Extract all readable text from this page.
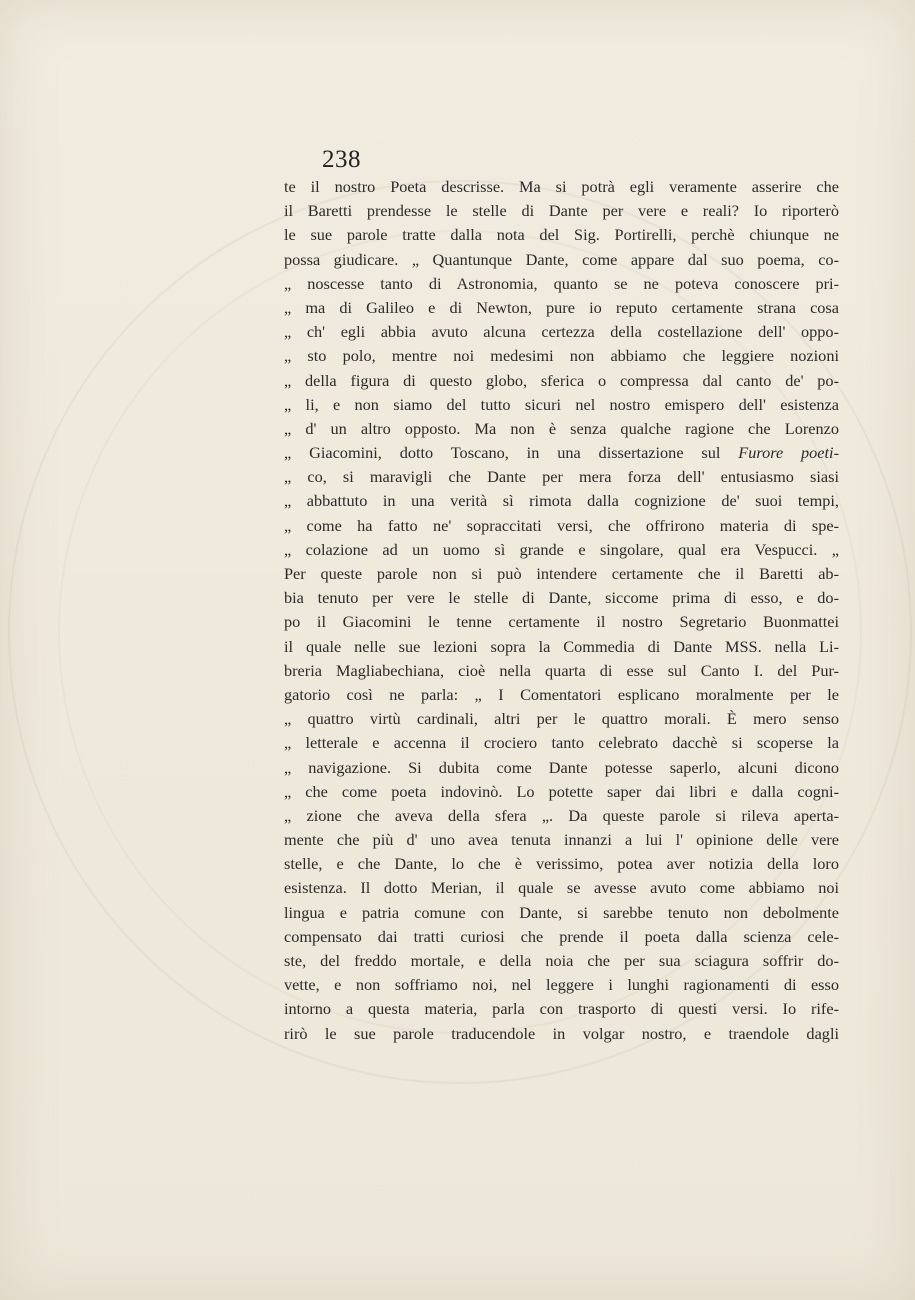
238
te il nostro Poeta descrisse. Ma si potrà egli veramente asserire che
il Baretti prendesse le stelle di Dante per vere e reali? Io riporterò
le sue parole tratte dalla nota del Sig. Portirelli, perchè chiunque ne
possa giudicare. „ Quantunque Dante, come appare dal suo poema, co-
„ noscesse tanto di Astronomia, quanto se ne poteva conoscere pri-
„ ma di Galileo e di Newton, pure io reputo certamente strana cosa
„ ch' egli abbia avuto alcuna certezza della costellazione dell' oppo-
„ sto polo, mentre noi medesimi non abbiamo che leggiere nozioni
„ della figura di questo globo, sferica o compressa dal canto de' po-
„ li, e non siamo del tutto sicuri nel nostro emispero dell' esistenza
„ d' un altro opposto. Ma non è senza qualche ragione che Lorenzo
„ Giacomini, dotto Toscano, in una dissertazione sul Furore poeti-
„ co, si maravigli che Dante per mera forza dell' entusiasmo siasi
„ abbattuto in una verità sì rimota dalla cognizione de' suoi tempi,
„ come ha fatto ne' sopraccitati versi, che offrirono materia di spe-
„ colazione ad un uomo sì grande e singolare, qual era Vespucci. „
Per queste parole non si può intendere certamente che il Baretti ab-
bia tenuto per vere le stelle di Dante, siccome prima di esso, e do-
po il Giacomini le tenne certamente il nostro Segretario Buonmattei
il quale nelle sue lezioni sopra la Commedia di Dante MSS. nella Li-
breria Magliabechiana, cioè nella quarta di esse sul Canto I. del Pur-
gatorio così ne parla: „ I Comentatori esplicano moralmente per le
„ quattro virtù cardinali, altri per le quattro morali. È mero senso
„ letterale e accenna il crociero tanto celebrato dacchè si scoperse la
„ navigazione. Si dubita come Dante potesse saperlo, alcuni dicono
„ che come poeta indovinò. Lo potette saper dai libri e dalla cogni-
„ zione che aveva della sfera „. Da queste parole si rileva aperta-
mente che più d' uno avea tenuta innanzi a lui l' opinione delle vere
stelle, e che Dante, lo che è verissimo, potea aver notizia della loro
esistenza. Il dotto Merian, il quale se avesse avuto come abbiamo noi
lingua e patria comune con Dante, si sarebbe tenuto non debolmente
compensato dai tratti curiosi che prende il poeta dalla scienza cele-
ste, del freddo mortale, e della noia che per sua sciagura soffrir do-
vette, e non soffriamo noi, nel leggere i lunghi ragionamenti di esso
intorno a questa materia, parla con trasporto di questi versi. Io rife-
rirò le sue parole traducendole in volgar nostro, e traendole dagli
